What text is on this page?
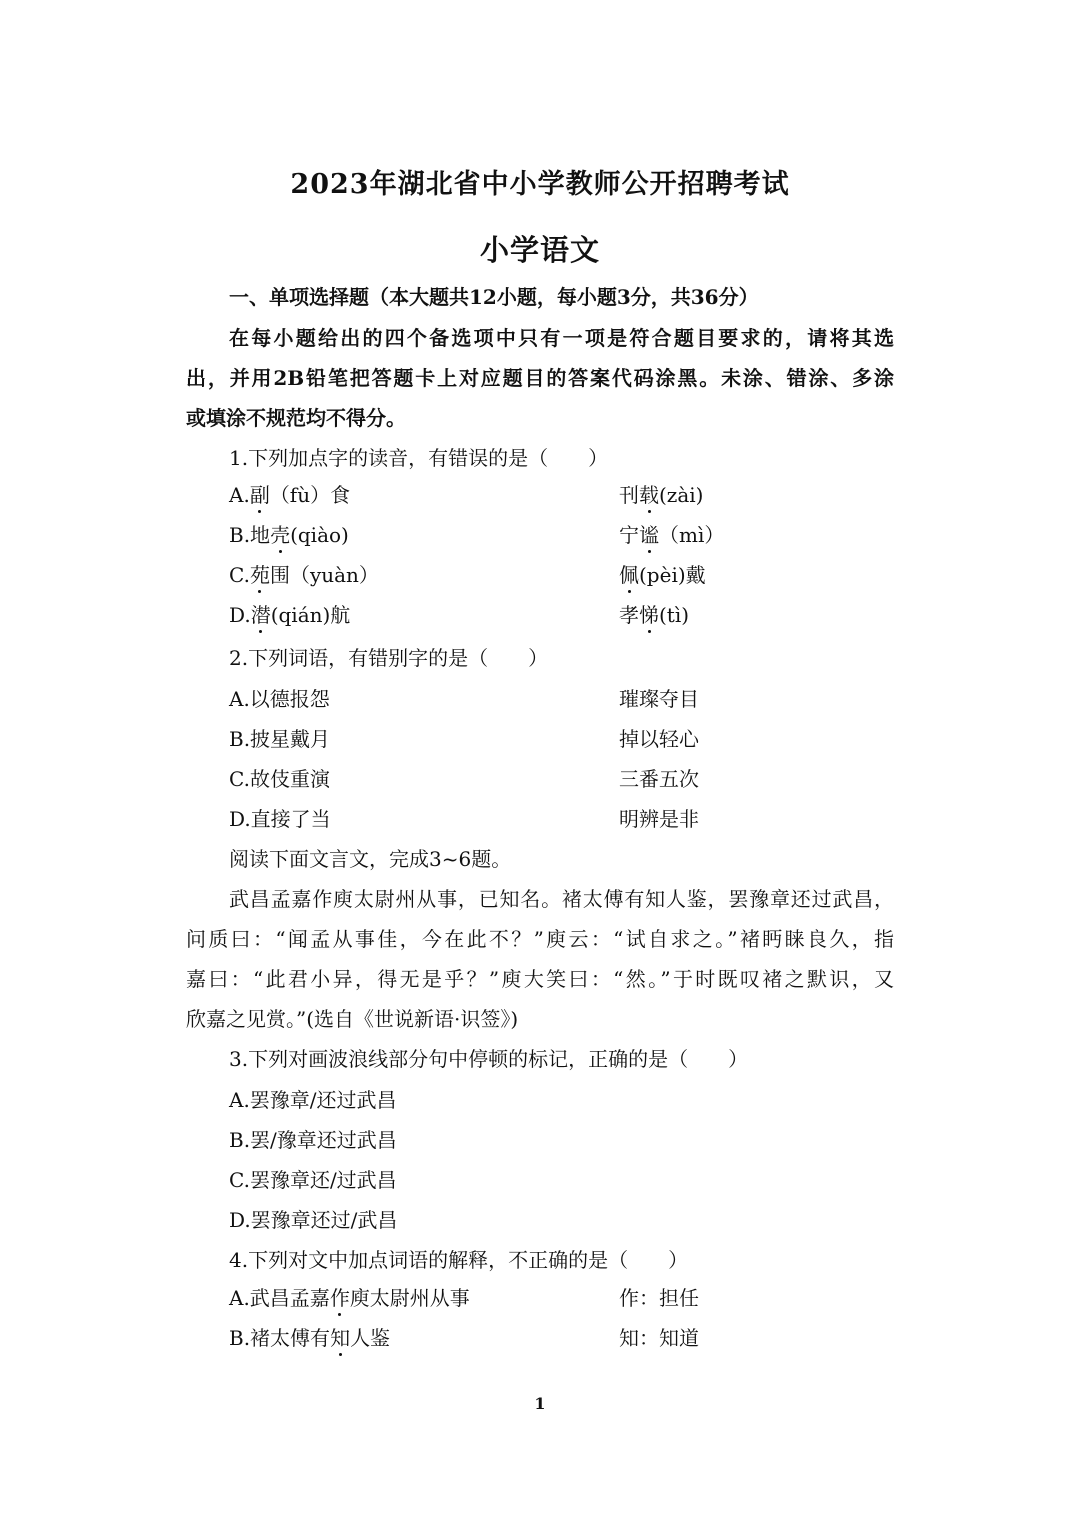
2023年湖北省中小学教师公开招聘考试
小学语文
一、单项选择题（本大题共12小题，每小题3分，共36分）
在每小题给出的四个备选项中只有一项是符合题目要求的，请将其选
出，并用2B铅笔把答题卡上对应题目的答案代码涂黑。未涂、错涂、多涂
或填涂不规范均不得分。
1.下列加点字的读音，有错误的是（　　）
A.副（fù）食	刊载(zài)
B.地壳(qiào)	宁谧（mì）
C.苑围（yuàn）	佩(pèi)戴
D.潜(qián)航	孝悌(tì)
2.下列词语，有错别字的是（　　）
A.以德报怨	璀璨夺目
B.披星戴月	掉以轻心
C.故伎重演	三番五次
D.直接了当	明辨是非
阅读下面文言文，完成3~6题。
武昌孟嘉作庾太尉州从事，已知名。褚太傅有知人鉴，罢豫章还过武昌，
问质曰：“闻孟从事佳，今在此不？”庾云：“试自求之。”褚眄睐良久，指
嘉曰：“此君小异，得无是乎？”庾大笑曰：“然。”于时既叹褚之默识，又
欣嘉之见赏。”(选自《世说新语·识签》)
3.下列对画波浪线部分句中停顿的标记，正确的是（　　）
A.罢豫章/还过武昌
B.罢/豫章还过武昌
C.罢豫章还/过武昌
D.罢豫章还过/武昌
4.下列对文中加点词语的解释，不正确的是（　　）
A.武昌孟嘉作庾太尉州从事	作：担任
B.褚太傅有知人鉴	知：知道
1
